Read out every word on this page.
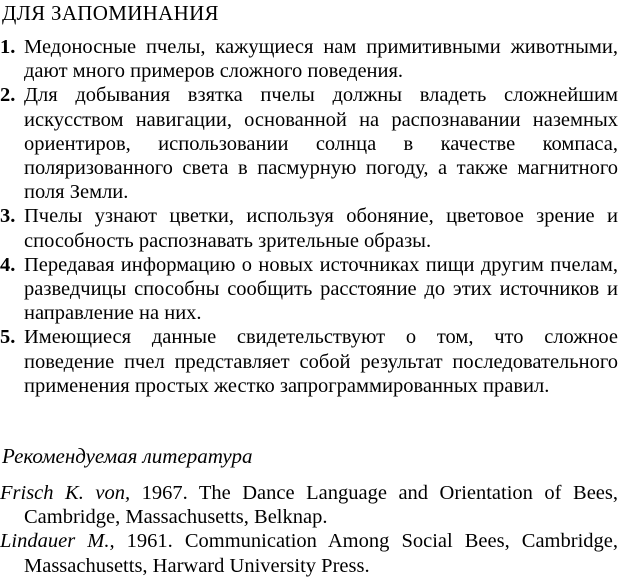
ДЛЯ ЗАПОМИНАНИЯ
1. Медоносные пчелы, кажущиеся нам примитивными животными, дают много примеров сложного поведения.
2. Для добывания взятка пчелы должны владеть сложнейшим искусством навигации, основанной на распознавании наземных ориентиров, использовании солнца в качестве компаса, поляризованного света в пасмурную погоду, а также магнитного поля Земли.
3. Пчелы узнают цветки, используя обоняние, цветовое зрение и способность распознавать зрительные образы.
4. Передавая информацию о новых источниках пищи другим пчелам, разведчицы способны сообщить расстояние до этих источников и направление на них.
5. Имеющиеся данные свидетельствуют о том, что сложное поведение пчел представляет собой результат последовательного применения простых жестко запрограммированных правил.
Рекомендуемая литература
Frisch K. von, 1967. The Dance Language and Orientation of Bees, Cambridge, Massachusetts, Belknap.
Lindauer M., 1961. Communication Among Social Bees, Cambridge, Massachusetts, Harward University Press.
